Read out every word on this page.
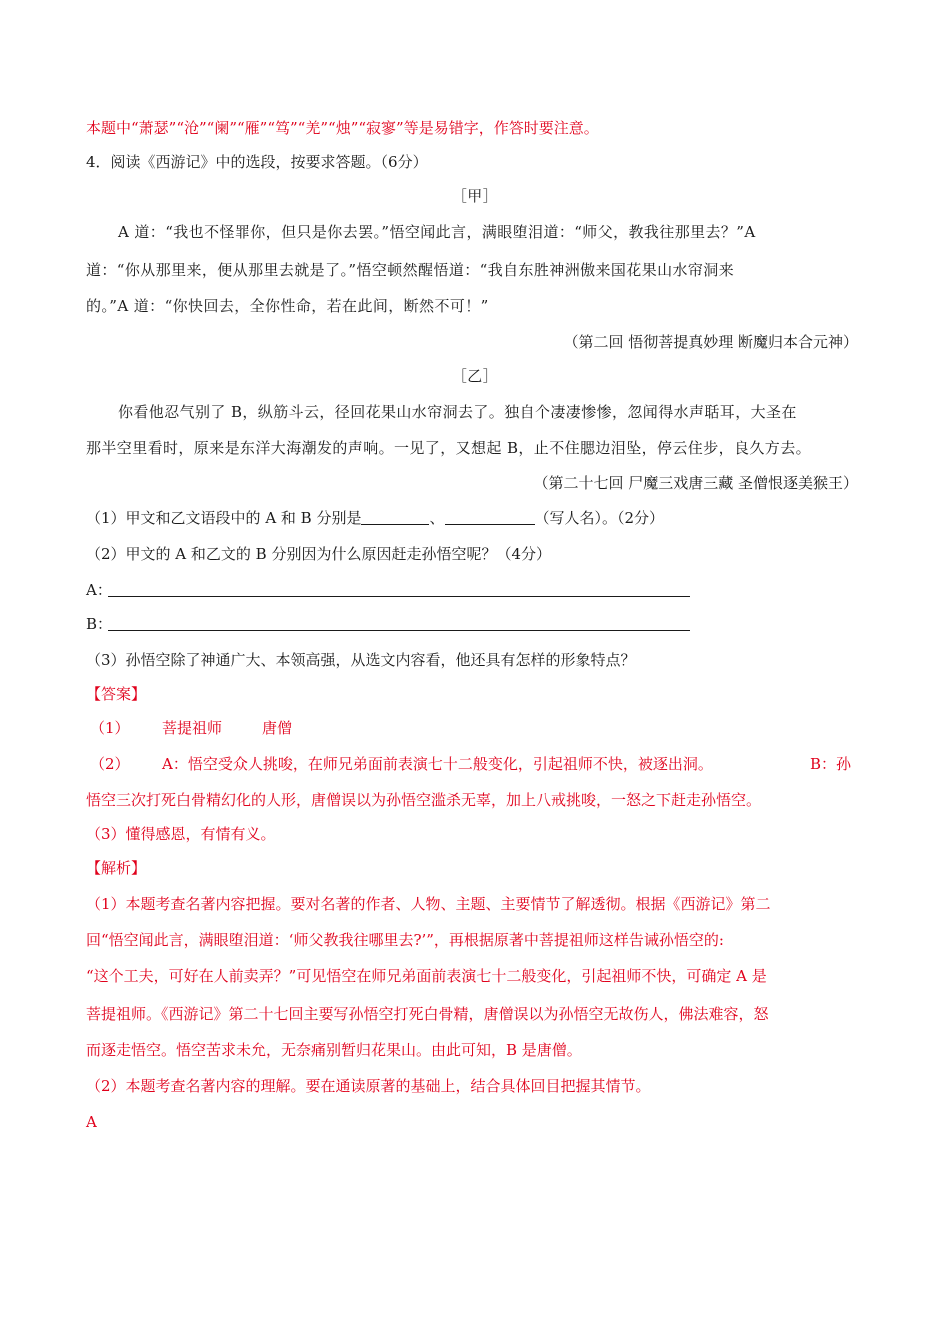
本题中“萧瑟”“沧”“阑”“雁”“笃”“羌”“烛”“寂寥”等是易错字，作答时要注意。
4．阅读《西游记》中的选段，按要求答题。（6分）
［甲］
A 道：“我也不怪罪你，但只是你去罢。”悟空闻此言，满眼堕泪道：“师父，教我往那里去？”A
道：“你从那里来，便从那里去就是了。”悟空顿然醒悟道：“我自东胜神洲傲来国花果山水帘洞来
的。”A 道：“你快回去，全你性命，若在此间，断然不可！”
（第二回 悟彻菩提真妙理 断魔归本合元神）
［乙］
你看他忍气别了 B，纵筋斗云，径回花果山水帘洞去了。独自个凄凄惨惨，忽闻得水声聒耳，大圣在
那半空里看时，原来是东洋大海潮发的声响。一见了，又想起 B，止不住腮边泪坠，停云住步，良久方去。
（第二十七回 尸魔三戏唐三藏 圣僧恨逐美猴王）
（1）甲文和乙文语段中的 A 和 B 分别是	、	（写人名）。（2分）
（2）甲文的 A 和乙文的 B 分别因为什么原因赶走孙悟空呢？（4分）
A：
B：
（3）孙悟空除了神通广大、本领高强，从选文内容看，他还具有怎样的形象特点？
【答案】
（1） 菩提祖师	唐僧
（2） A：悟空受众人挑唆，在师兄弟面前表演七十二般变化，引起祖师不快，被逐出洞。	B：孙
悟空三次打死白骨精幻化的人形，唐僧误以为孙悟空滥杀无辜，加上八戒挑唆，一怒之下赶走孙悟空。
（3）懂得感恩，有情有义。
【解析】
（1）本题考查名著内容把握。要对名著的作者、人物、主题、主要情节了解透彻。根据《西游记》第二
回“悟空闻此言，满眼堕泪道：‘师父教我往哪里去?’”，再根据原著中菩提祖师这样告诫孙悟空的:
“这个工夫，可好在人前卖弄？”可见悟空在师兄弟面前表演七十二般变化，引起祖师不快，可确定 A 是
菩提祖师。《西游记》第二十七回主要写孙悟空打死白骨精，唐僧误以为孙悟空无故伤人，佛法难容，怒
而逐走悟空。悟空苦求未允，无奈痛别暂归花果山。由此可知，B 是唐僧。
（2）本题考查名著内容的理解。要在通读原著的基础上，结合具体回目把握其情节。
A
